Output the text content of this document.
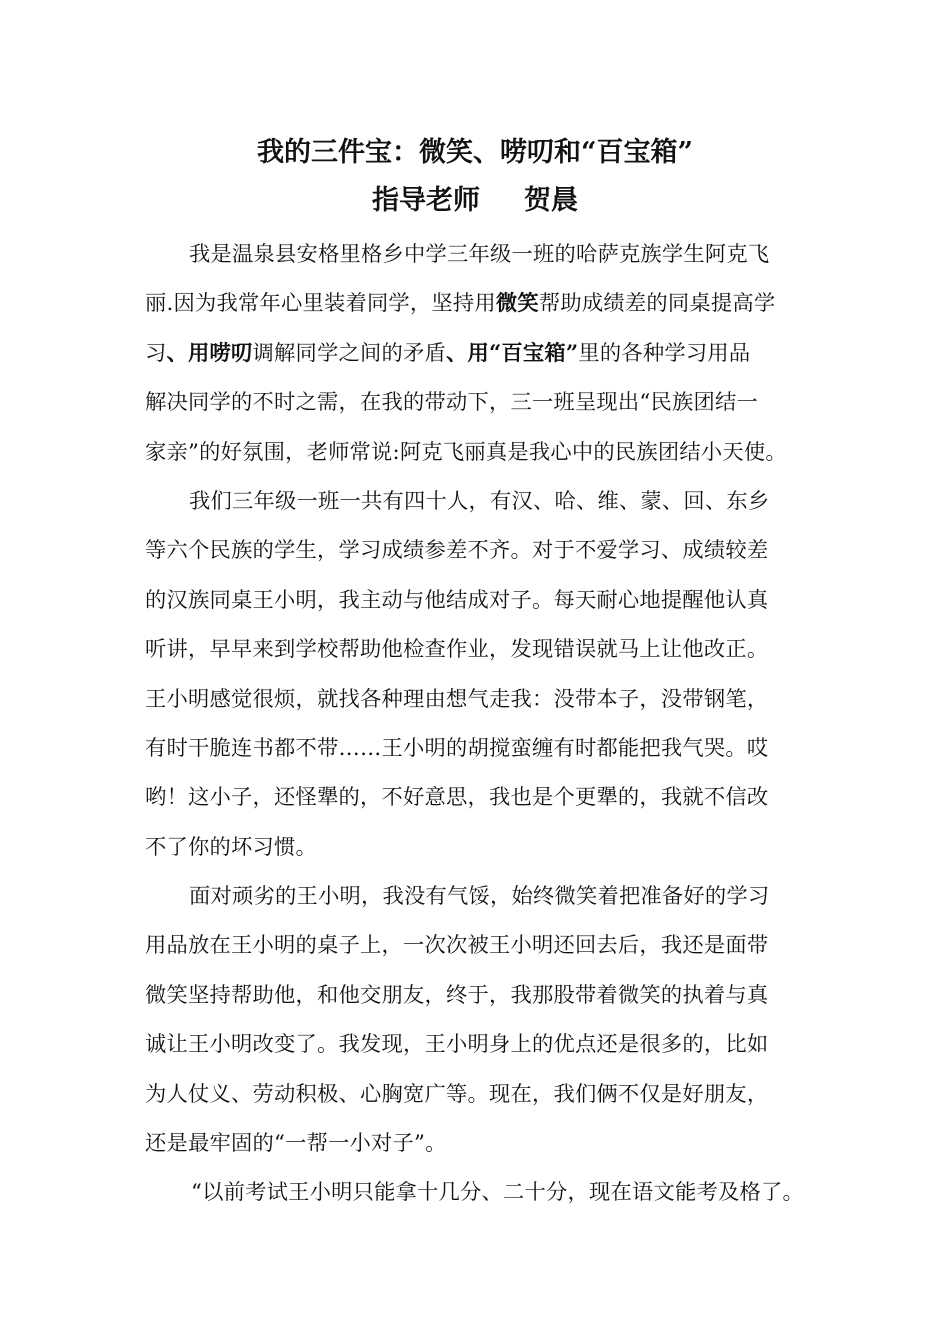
我的三件宝：微笑、唠叨和“百宝箱”
指导老师 贺晨
我是温泉县安格里格乡中学三年级一班的哈萨克族学生阿克飞
丽.因为我常年心里装着同学，坚持用微笑帮助成绩差的同桌提高学
习、用唠叨调解同学之间的矛盾、用“百宝箱”里的各种学习用品
解决同学的不时之需，在我的带动下，三一班呈现出“民族团结一
家亲”的好氛围，老师常说:阿克飞丽真是我心中的民族团结小天使。
我们三年级一班一共有四十人，有汉、哈、维、蒙、回、东乡
等六个民族的学生，学习成绩参差不齐。对于不爱学习、成绩较差
的汉族同桌王小明，我主动与他结成对子。每天耐心地提醒他认真
听讲，早早来到学校帮助他检查作业，发现错误就马上让他改正。
王小明感觉很烦，就找各种理由想气走我：没带本子，没带钢笔，
有时干脆连书都不带……王小明的胡搅蛮缠有时都能把我气哭。哎
哟！这小子，还怪犟的，不好意思，我也是个更犟的，我就不信改
不了你的坏习惯。
面对顽劣的王小明，我没有气馁，始终微笑着把准备好的学习
用品放在王小明的桌子上，一次次被王小明还回去后，我还是面带
微笑坚持帮助他，和他交朋友，终于，我那股带着微笑的执着与真
诚让王小明改变了。我发现，王小明身上的优点还是很多的，比如
为人仗义、劳动积极、心胸宽广等。现在，我们俩不仅是好朋友，
还是最牢固的“一帮一小对子”。
“以前考试王小明只能拿十几分、二十分，现在语文能考及格了。
